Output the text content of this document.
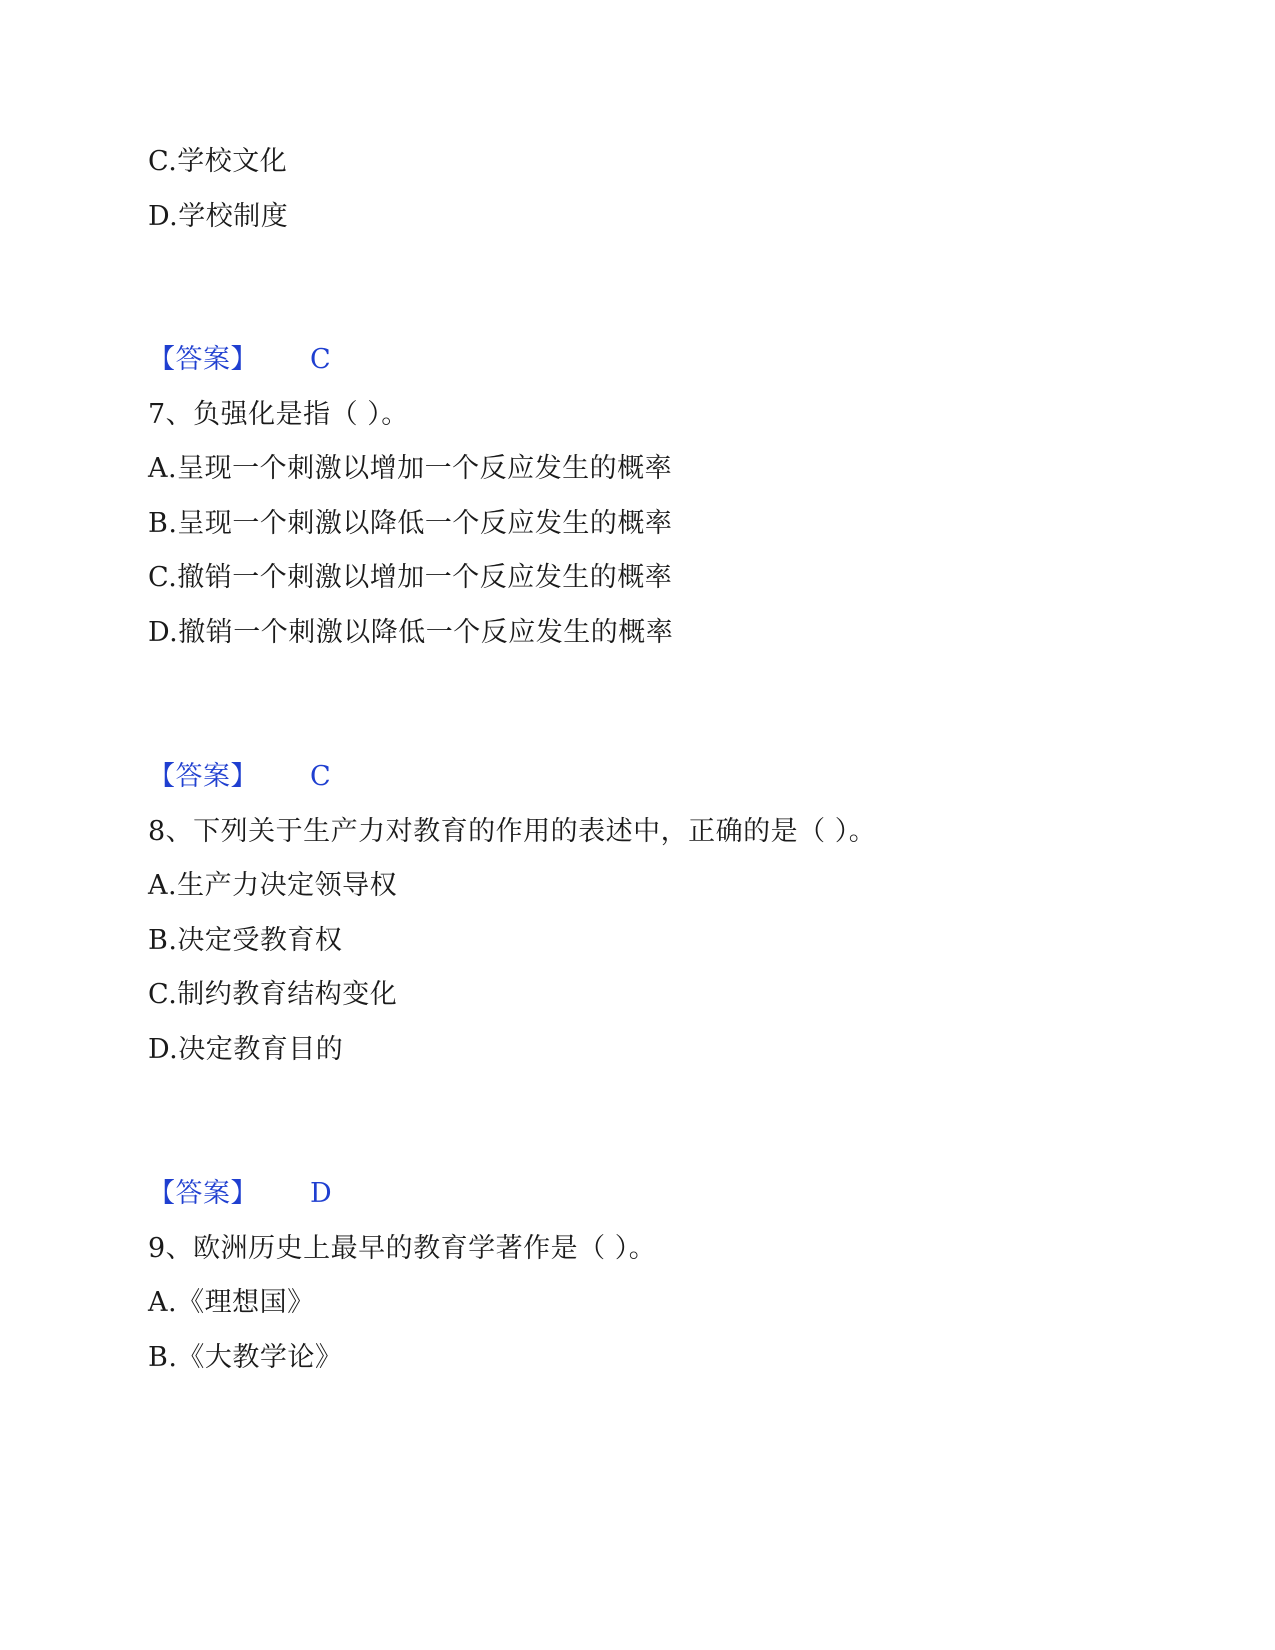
C.学校文化
D.学校制度
【答案】 C
7、负强化是指（ ）。
A.呈现一个刺激以增加一个反应发生的概率
B.呈现一个刺激以降低一个反应发生的概率
C.撤销一个刺激以增加一个反应发生的概率
D.撤销一个刺激以降低一个反应发生的概率
【答案】 C
8、下列关于生产力对教育的作用的表述中，正确的是（ ）。
A.生产力决定领导权
B.决定受教育权
C.制约教育结构变化
D.决定教育目的
【答案】 D
9、欧洲历史上最早的教育学著作是（ ）。
A.《理想国》
B.《大教学论》
